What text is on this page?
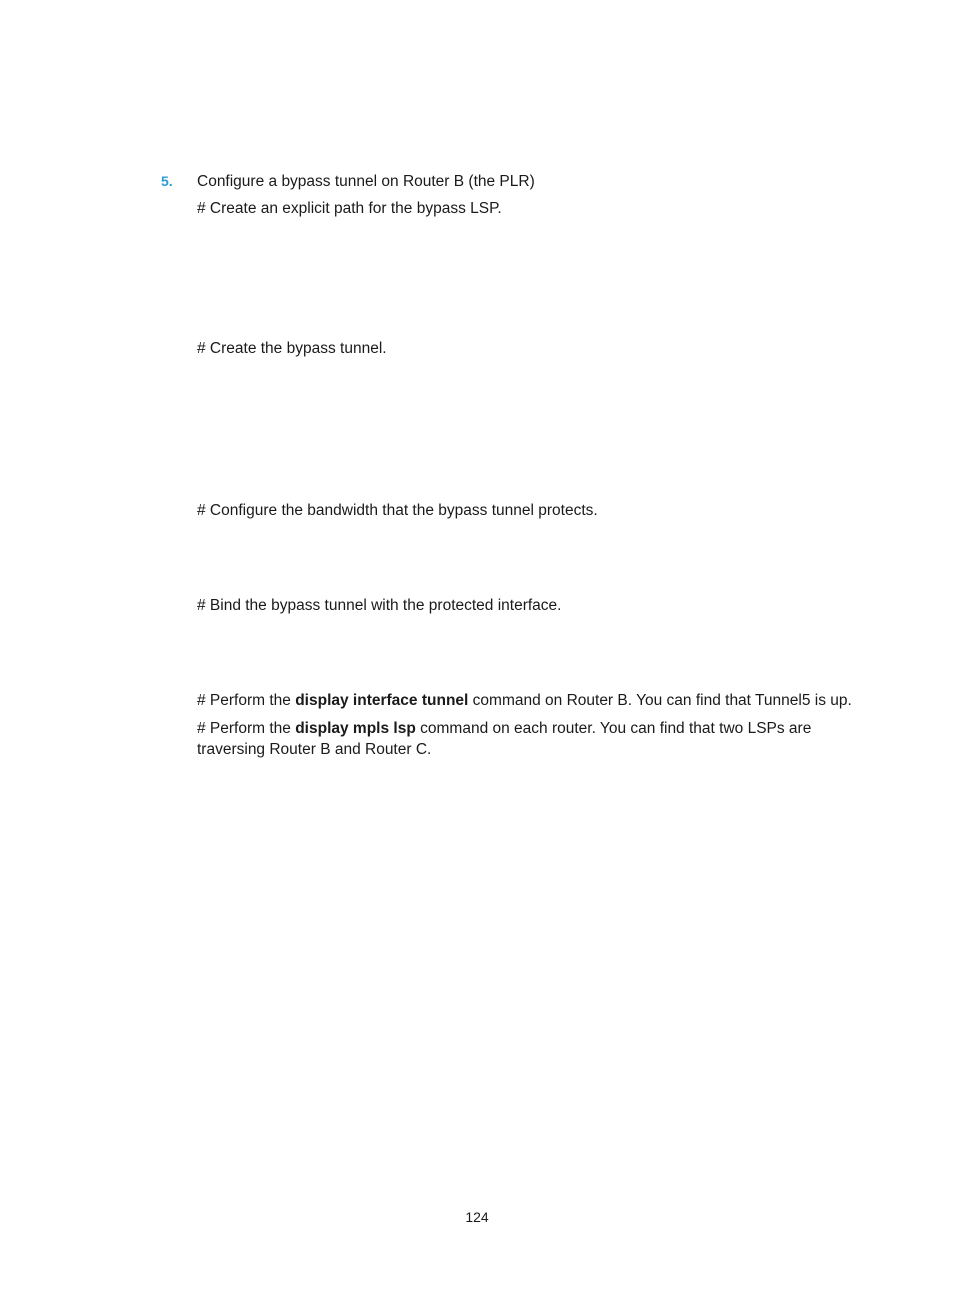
5. Configure a bypass tunnel on Router B (the PLR)
# Create an explicit path for the bypass LSP.
# Create the bypass tunnel.
# Configure the bandwidth that the bypass tunnel protects.
# Bind the bypass tunnel with the protected interface.
# Perform the display interface tunnel command on Router B. You can find that Tunnel5 is up.
# Perform the display mpls lsp command on each router. You can find that two LSPs are traversing Router B and Router C.
124
